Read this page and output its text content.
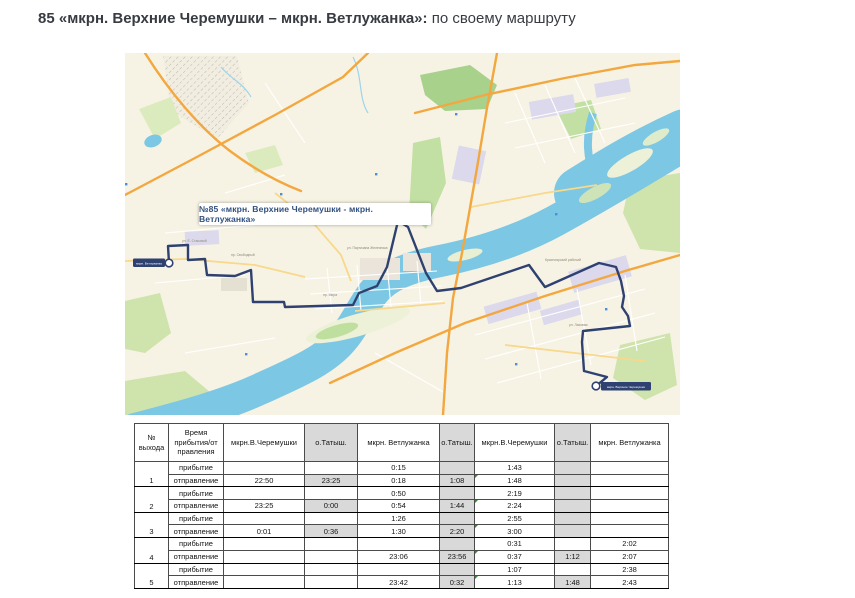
85 «мкрн. Верхние Черемушки – мкрн. Ветлужанка»: по своему маршруту
мкрн. Ветлужанка
мкрн. Верхние Черемушки
ул. Е. Стасовой
пр. Свободный
пр. Мира
ул. Партизана Железняка
Красноярский рабочий
ул. Лазовая
№85 «мкрн. Верхние Черемушки - мкрн. Ветлужанка»
№ выхода	Время прибытия/от правления	мкрн.В.Черемушки	о.Татыш.	мкрн. Ветлужанка	о.Татыш.	мкрн.В.Черемушки	о.Татыш.	мкрн. Ветлужанка
1	прибытие			0:15		1:43		
	отправление	22:50	23:25	0:18	1:08	1:48

2	прибытие			0:50		2:19		
	отправление	23:25	0:00	0:54	1:44	2:24

3	прибытие			1:26		2:55		
	отправление	0:01	0:36	1:30	2:20	3:00

4	прибытие					0:31		2:02
	отправление			23:06	23:56	0:37	1:12	2:07
5	прибытие					1:07		2:38
	отправление			23:42	0:32	1:13	1:48	2:43
